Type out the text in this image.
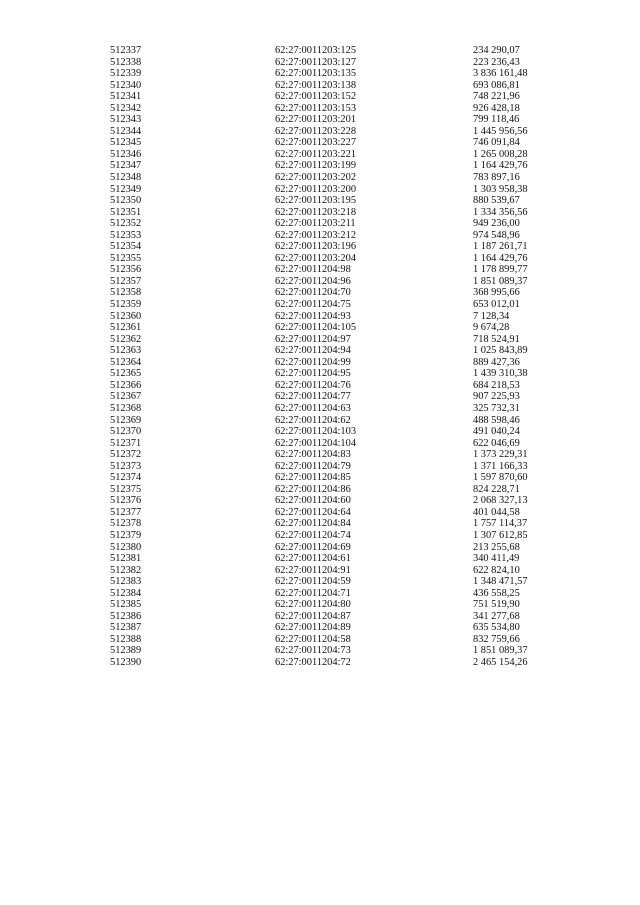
512337	62:27:0011203:125	234 290,07
512338	62:27:0011203:127	223 236,43
512339	62:27:0011203:135	3 836 161,48
512340	62:27:0011203:138	693 086,81
512341	62:27:0011203:152	748 221,96
512342	62:27:0011203:153	926 428,18
512343	62:27:0011203:201	799 118,46
512344	62:27:0011203:228	1 445 956,56
512345	62:27:0011203:227	746 091,84
512346	62:27:0011203:221	1 265 008,28
512347	62:27:0011203:199	1 164 429,76
512348	62:27:0011203:202	783 897,16
512349	62:27:0011203:200	1 303 958,38
512350	62:27:0011203:195	880 539,67
512351	62:27:0011203:218	1 334 356,56
512352	62:27:0011203:211	949 236,00
512353	62:27:0011203:212	974 548,96
512354	62:27:0011203:196	1 187 261,71
512355	62:27:0011203:204	1 164 429,76
512356	62:27:0011204:98	1 178 899,77
512357	62:27:0011204:96	1 851 089,37
512358	62:27:0011204:70	368 995,66
512359	62:27:0011204:75	653 012,01
512360	62:27:0011204:93	7 128,34
512361	62:27:0011204:105	9 674,28
512362	62:27:0011204:97	718 524,91
512363	62:27:0011204:94	1 025 843,89
512364	62:27:0011204:99	889 427,36
512365	62:27:0011204:95	1 439 310,38
512366	62:27:0011204:76	684 218,53
512367	62:27:0011204:77	907 225,93
512368	62:27:0011204:63	325 732,31
512369	62:27:0011204:62	488 598,46
512370	62:27:0011204:103	491 040,24
512371	62:27:0011204:104	622 046,69
512372	62:27:0011204:83	1 373 229,31
512373	62:27:0011204:79	1 371 166,33
512374	62:27:0011204:85	1 597 870,60
512375	62:27:0011204:86	824 228,71
512376	62:27:0011204:60	2 068 327,13
512377	62:27:0011204:64	401 044,58
512378	62:27:0011204:84	1 757 114,37
512379	62:27:0011204:74	1 307 612,85
512380	62:27:0011204:69	213 255,68
512381	62:27:0011204:61	340 411,49
512382	62:27:0011204:91	622 824,10
512383	62:27:0011204:59	1 348 471,57
512384	62:27:0011204:71	436 558,25
512385	62:27:0011204:80	751 519,90
512386	62:27:0011204:87	341 277,68
512387	62:27:0011204:89	635 534,80
512388	62:27:0011204:58	832 759,66
512389	62:27:0011204:73	1 851 089,37
512390	62:27:0011204:72	2 465 154,26
